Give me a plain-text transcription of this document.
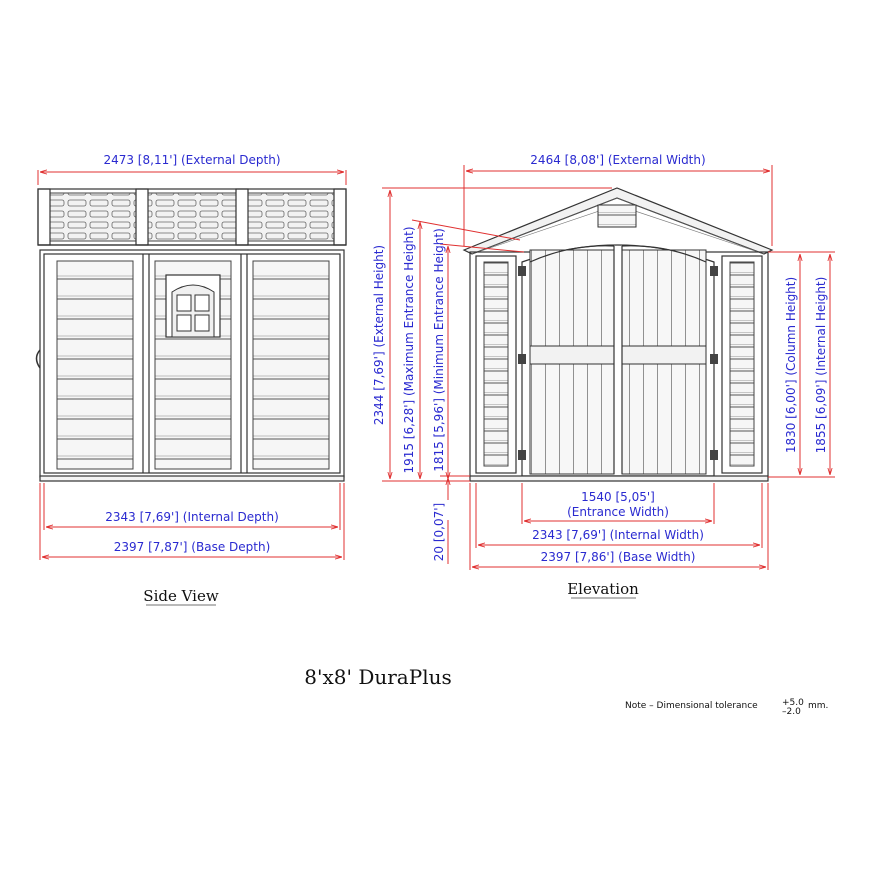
2473 [8,11'] (External Depth)
2343 [7,69'] (Internal Depth)
2397 [7,87'] (Base Depth)
Side View
2464 [8,08'] (External Width)
2344 [7,69'] (External Height) 1915 [6,28'] (Maximum Entrance Height) 1815 [5,96'] (Minimum Entrance Height)
20 [0,07']
1830 [6,00'] (Column Height) 1855 [6,09'] (Internal Height)
1540 [5,05']
(Entrance Width)
2343 [7,69'] (Internal Width)
2397 [7,86'] (Base Width)
Elevation
8'x8' DuraPlus
Note – Dimensional tolerance	+5.0
–2.0
mm.
